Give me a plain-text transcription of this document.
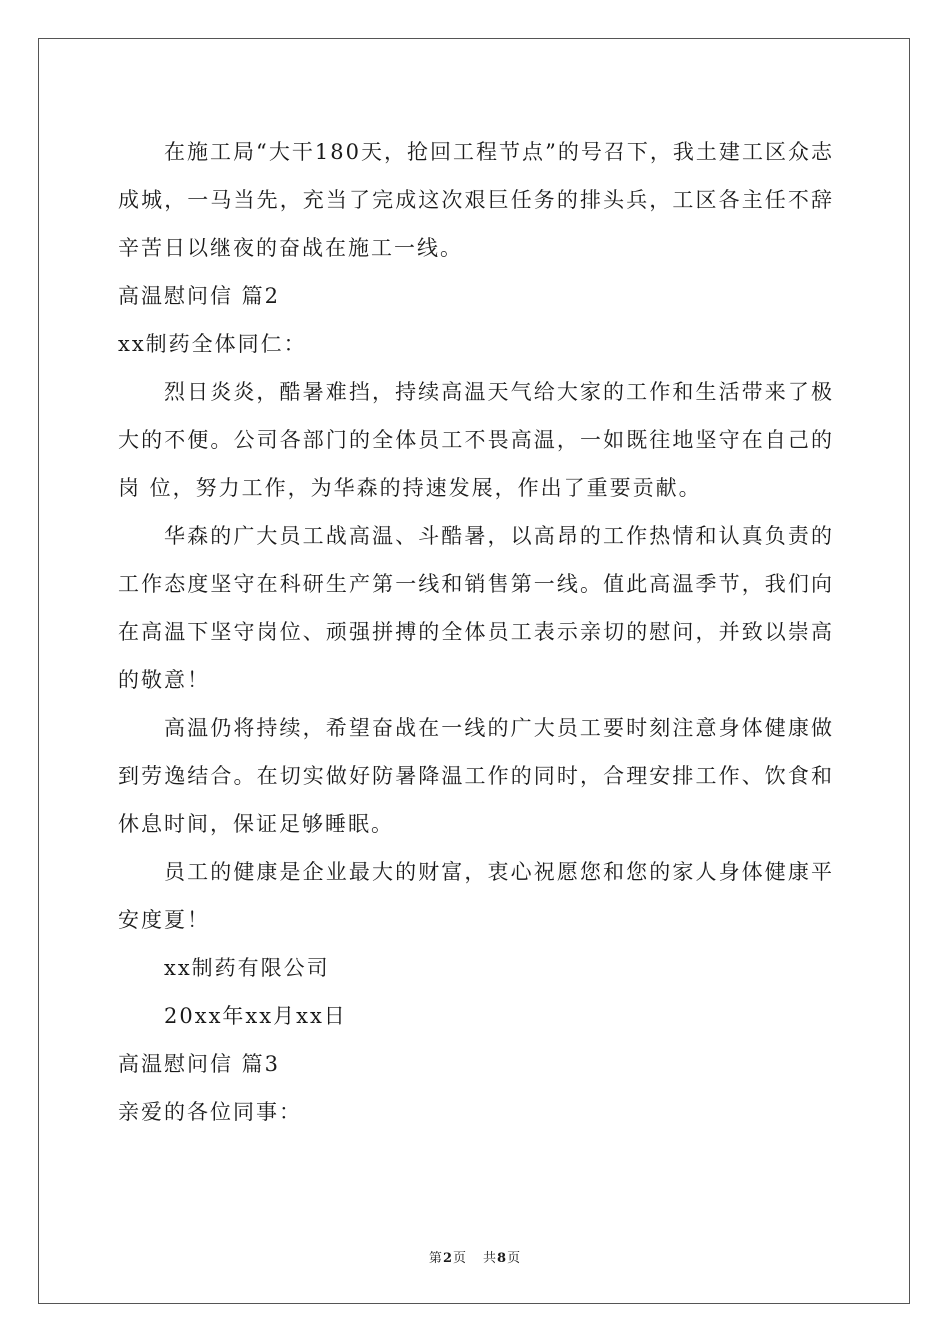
在施工局“大干180天，抢回工程节点”的号召下，我土建工区众志成城，一马当先，充当了完成这次艰巨任务的排头兵，工区各主任不辞辛苦日以继夜的奋战在施工一线。

高温慰问信 篇2

xx制药全体同仁：

烈日炎炎，酷暑难挡，持续高温天气给大家的工作和生活带来了极大的不便。公司各部门的全体员工不畏高温，一如既往地坚守在自己的岗 位，努力工作，为华森的持速发展，作出了重要贡献。

华森的广大员工战高温、斗酷暑，以高昂的工作热情和认真负责的工作态度坚守在科研生产第一线和销售第一线。值此高温季节，我们向在高温下坚守岗位、顽强拼搏的全体员工表示亲切的慰问，并致以崇高的敬意！

高温仍将持续，希望奋战在一线的广大员工要时刻注意身体健康做到劳逸结合。在切实做好防暑降温工作的同时，合理安排工作、饮食和休息时间，保证足够睡眠。

员工的健康是企业最大的财富，衷心祝愿您和您的家人身体健康平安度夏！

xx制药有限公司

20xx年xx月xx日

高温慰问信 篇3

亲爱的各位同事：

第2页 共8页
